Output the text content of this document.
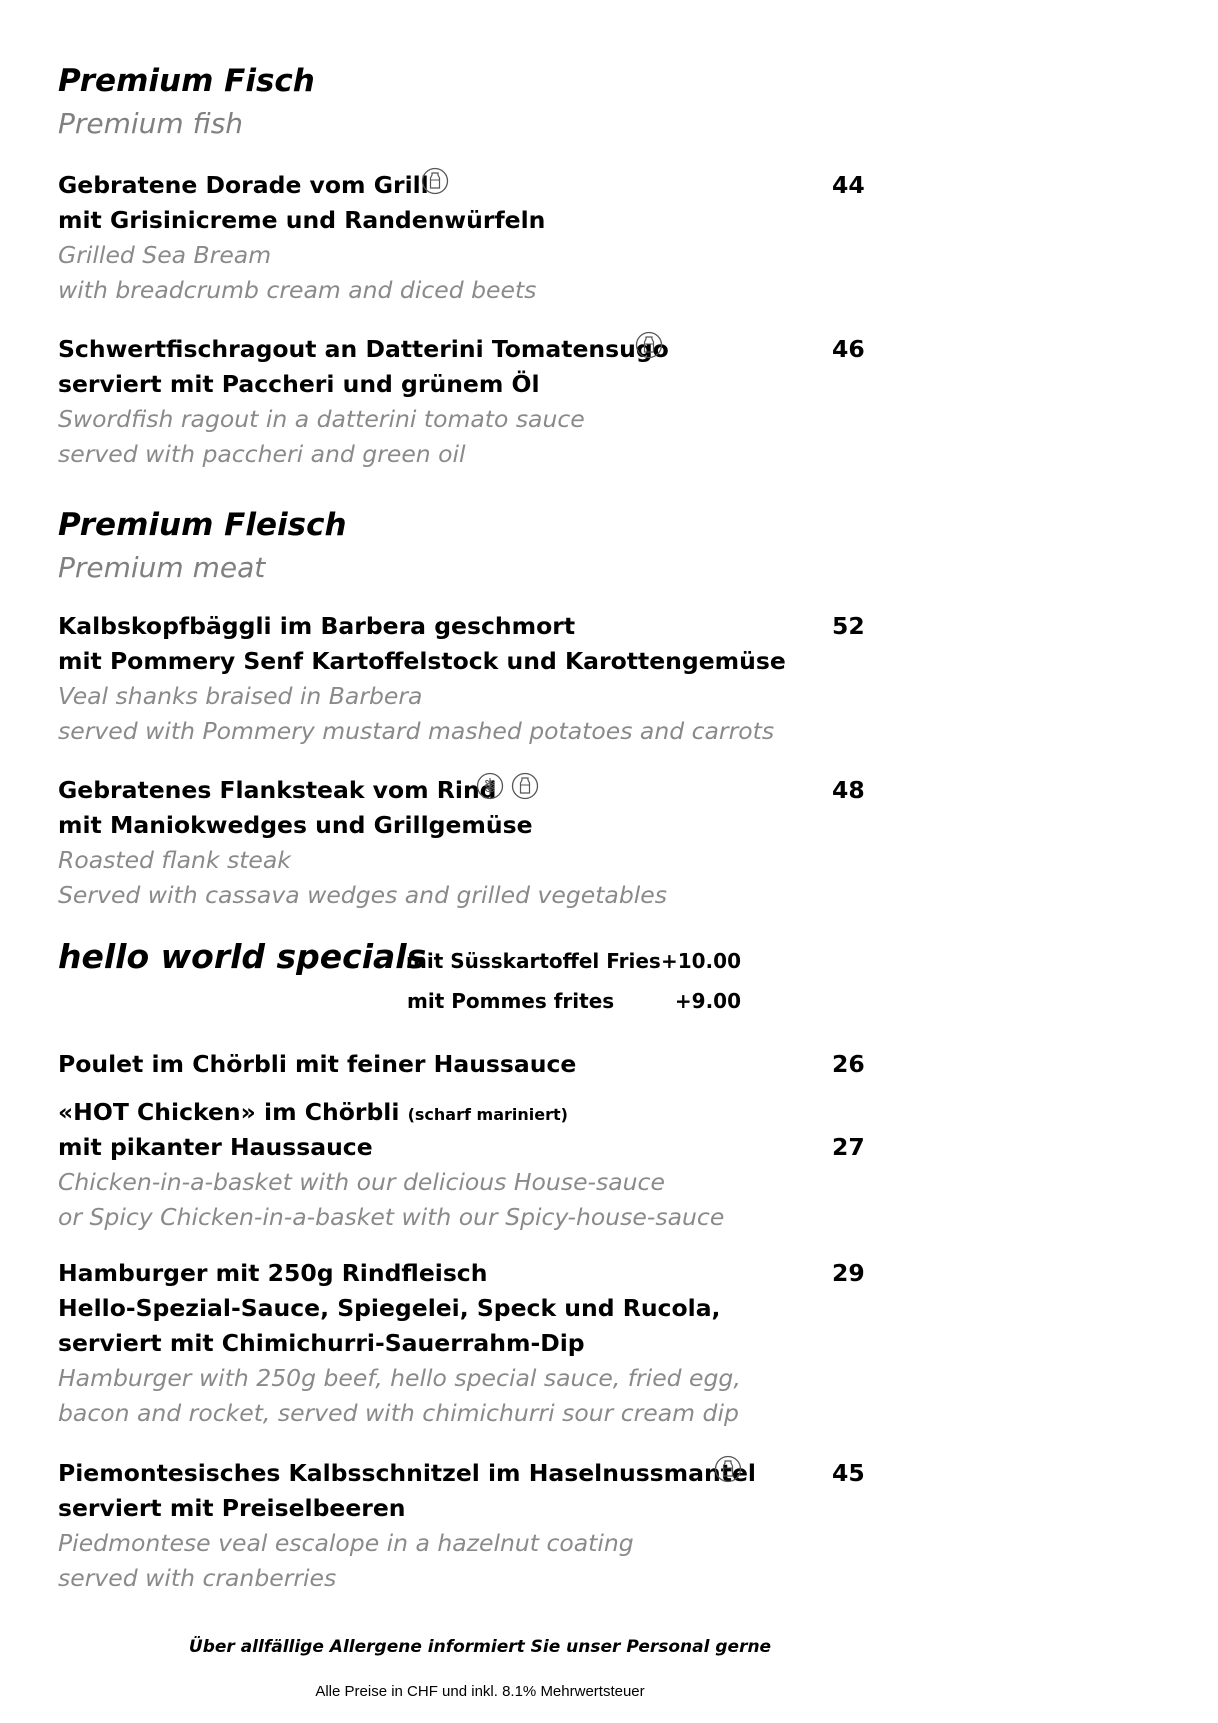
Premium Fisch
Premium fish
Gebratene Dorade vom Grill	44
mit Grisinicreme und Randenwürfeln
Grilled Sea Bream
with breadcrumb cream and diced beets
Schwertfischragout an Datterini Tomatensugo	46
serviert mit Paccheri und grünem Öl
Swordfish ragout in a datterini tomato sauce
served with paccheri and green oil
Premium Fleisch
Premium meat
Kalbskopfbäggli im Barbera geschmort	52
mit Pommery Senf Kartoffelstock und Karottengemüse
Veal shanks braised in Barbera
served with Pommery mustard mashed potatoes and carrots
Gebratenes Flanksteak vom Rind	48
mit Maniokwedges und Grillgemüse
Roasted flank steak
Served with cassava wedges and grilled vegetables
hello world specials
mit Süsskartoffel Fries +10.00
mit Pommes frites	+9.00
Poulet im Chörbli mit feiner Haussauce	26
«HOT Chicken» im Chörbli (scharf mariniert)
mit pikanter Haussauce	27
Chicken-in-a-basket with our delicious House-sauce
or Spicy Chicken-in-a-basket with our Spicy-house-sauce
Hamburger mit 250g Rindfleisch	29
Hello-Spezial-Sauce, Spiegelei, Speck und Rucola,
serviert mit Chimichurri-Sauerrahm-Dip
Hamburger with 250g beef, hello special sauce, fried egg,
bacon and rocket, served with chimichurri sour cream dip
Piemontesisches Kalbsschnitzel im Haselnussmantel	45
serviert mit Preiselbeeren
Piedmontese veal escalope in a hazelnut coating
served with cranberries
Über allfällige Allergene informiert Sie unser Personal gerne
Alle Preise in CHF und inkl. 8.1% Mehrwertsteuer
